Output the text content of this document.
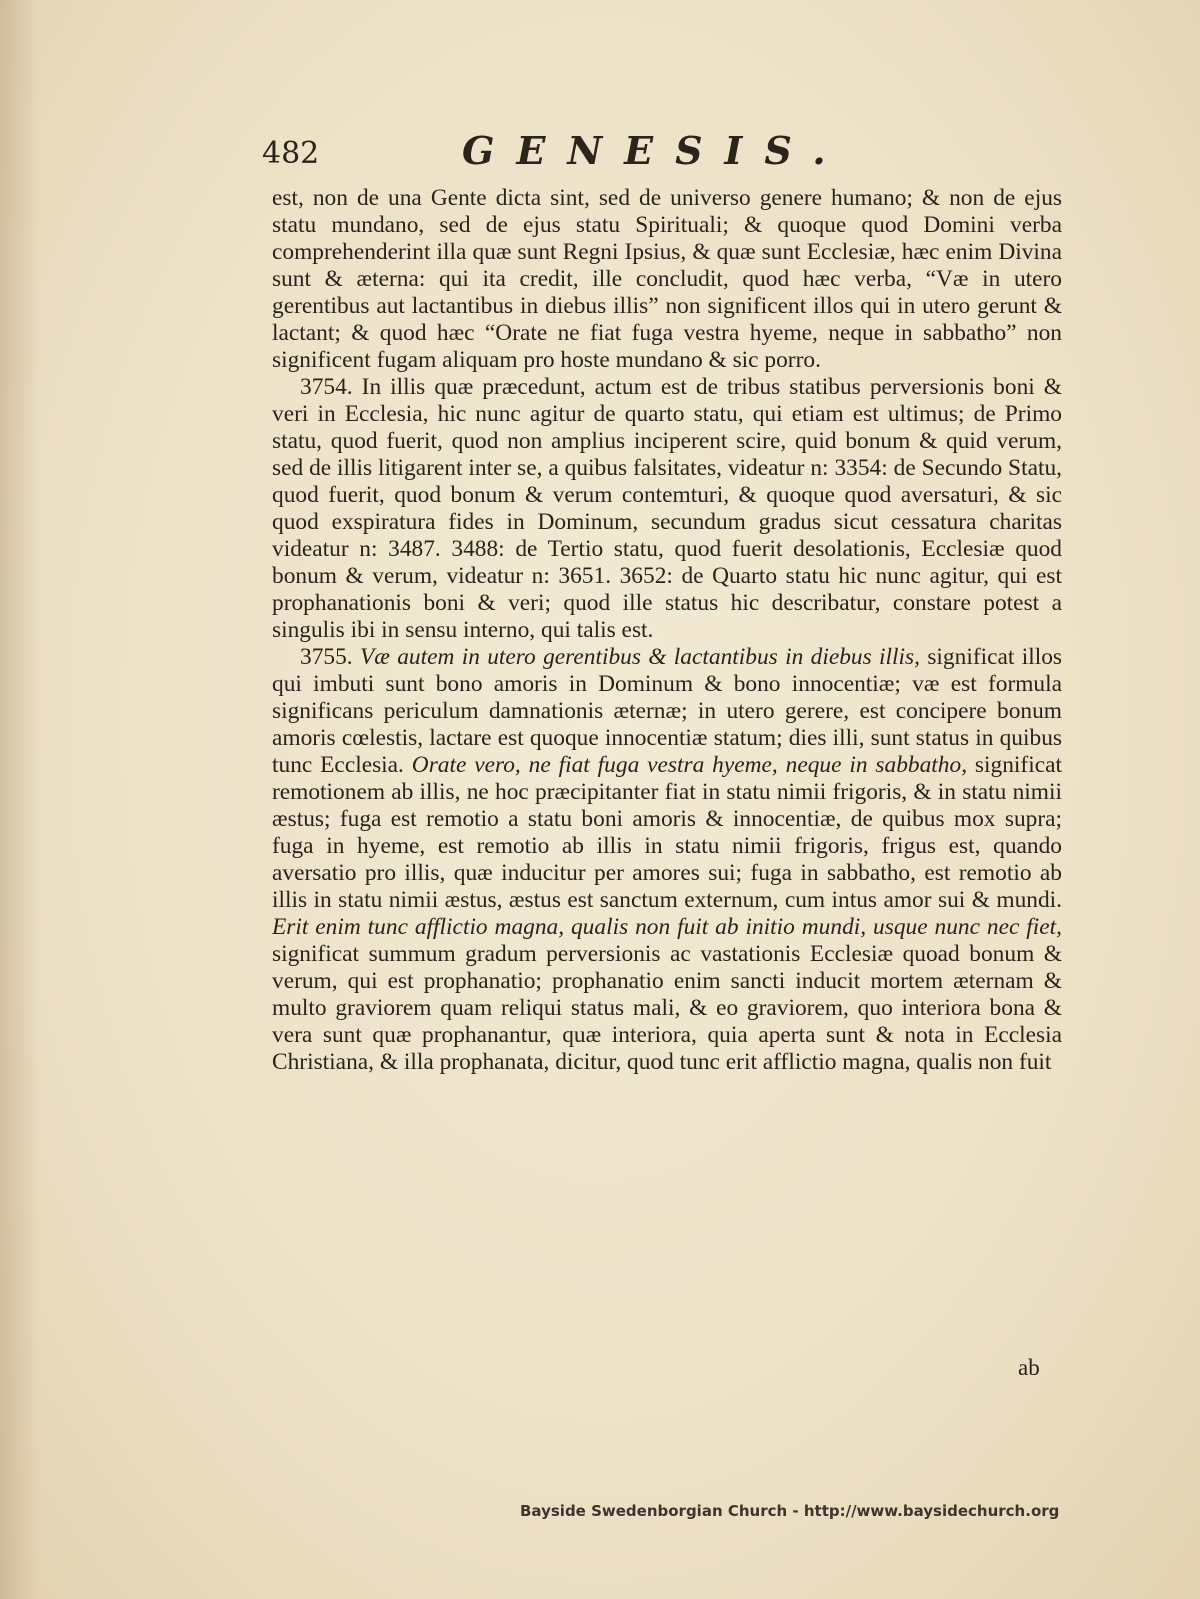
482	GENESIS.

est, non de una Gente dicta sint, sed de universo genere humano; & non de ejus statu mundano, sed de ejus statu Spirituali; & quoque quod Domini verba comprehenderint illa quæ sunt Regni Ipsius, & quæ sunt Ecclesiæ, hæc enim Divina sunt & æterna: qui ita credit, ille concludit, quod hæc verba, “Væ in utero gerentibus aut lactantibus in diebus illis” non significent illos qui in utero gerunt & lactant; & quod hæc “Orate ne fiat fuga vestra hyeme, neque in sabbatho” non significent fugam aliquam pro hoste mundano & sic porro.

3754. In illis quæ præcedunt, actum est de tribus statibus perversionis boni & veri in Ecclesia, hic nunc agitur de quarto statu, qui etiam est ultimus; de Primo statu, quod fuerit, quod non amplius inciperent scire, quid bonum & quid verum, sed de illis litigarent inter se, a quibus falsitates, videatur n: 3354: de Secundo Statu, quod fuerit, quod bonum & verum contemturi, & quoque quod aversaturi, & sic quod exspiratura fides in Dominum, secundum gradus sicut cessatura charitas videatur n: 3487. 3488: de Tertio statu, quod fuerit desolationis, Ecclesiæ quod bonum & verum, videatur n: 3651. 3652: de Quarto statu hic nunc agitur, qui est prophanationis boni & veri; quod ille status hic describatur, constare potest a singulis ibi in sensu interno, qui talis est.

3755. Væ autem in utero gerentibus & lactantibus in diebus illis, significat illos qui imbuti sunt bono amoris in Dominum & bono innocentiæ; væ est formula significans periculum damnationis æternæ; in utero gerere, est concipere bonum amoris cœlestis, lactare est quoque innocentiæ statum; dies illi, sunt status in quibus tunc Ecclesia. Orate vero, ne fiat fuga vestra hyeme, neque in sabbatho, significat remotionem ab illis, ne hoc præcipitanter fiat in statu nimii frigoris, & in statu nimii æstus; fuga est remotio a statu boni amoris & innocentiæ, de quibus mox supra; fuga in hyeme, est remotio ab illis in statu nimii frigoris, frigus est, quando aversatio pro illis, quæ inducitur per amores sui; fuga in sabbatho, est remotio ab illis in statu nimii æstus, æstus est sanctum externum, cum intus amor sui & mundi. Erit enim tunc afflictio magna, qualis non fuit ab initio mundi, usque nunc nec fiet, significat summum gradum perversionis ac vastationis Ecclesiæ quoad bonum & verum, qui est prophanatio; prophanatio enim sancti inducit mortem æternam & multo graviorem quam reliqui status mali, & eo graviorem, quo interiora bona & vera sunt quæ prophanantur, quæ interiora, quia aperta sunt & nota in Ecclesia Christiana, & illa prophanata, dicitur, quod tunc erit afflictio magna, qualis non fuit

ab
Bayside Swedenborgian Church - http://www.baysidechurch.org
